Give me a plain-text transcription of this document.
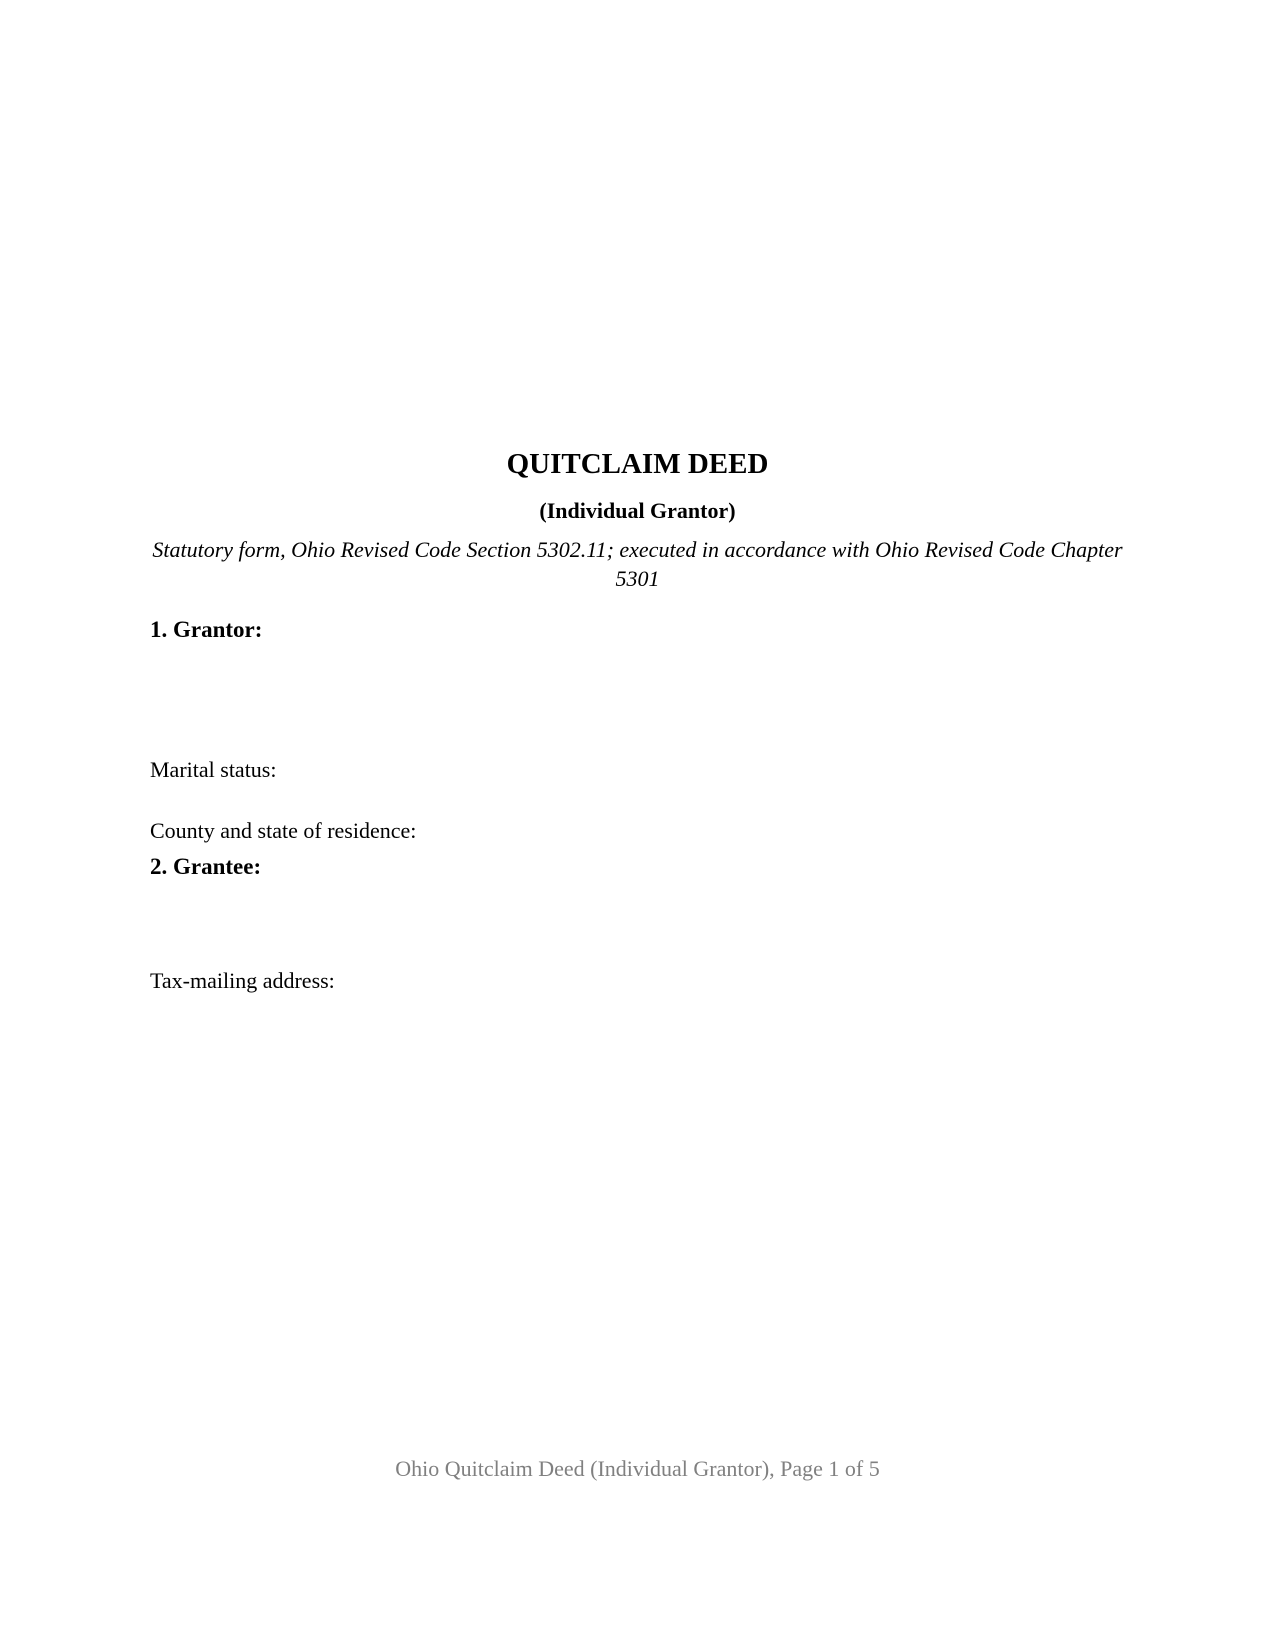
QUITCLAIM DEED
(Individual Grantor)
Statutory form, Ohio Revised Code Section 5302.11; executed in accordance with Ohio Revised Code Chapter 5301
1. Grantor:
Marital status:
County and state of residence:
2. Grantee:
Tax-mailing address:
Ohio Quitclaim Deed (Individual Grantor), Page 1 of 5
